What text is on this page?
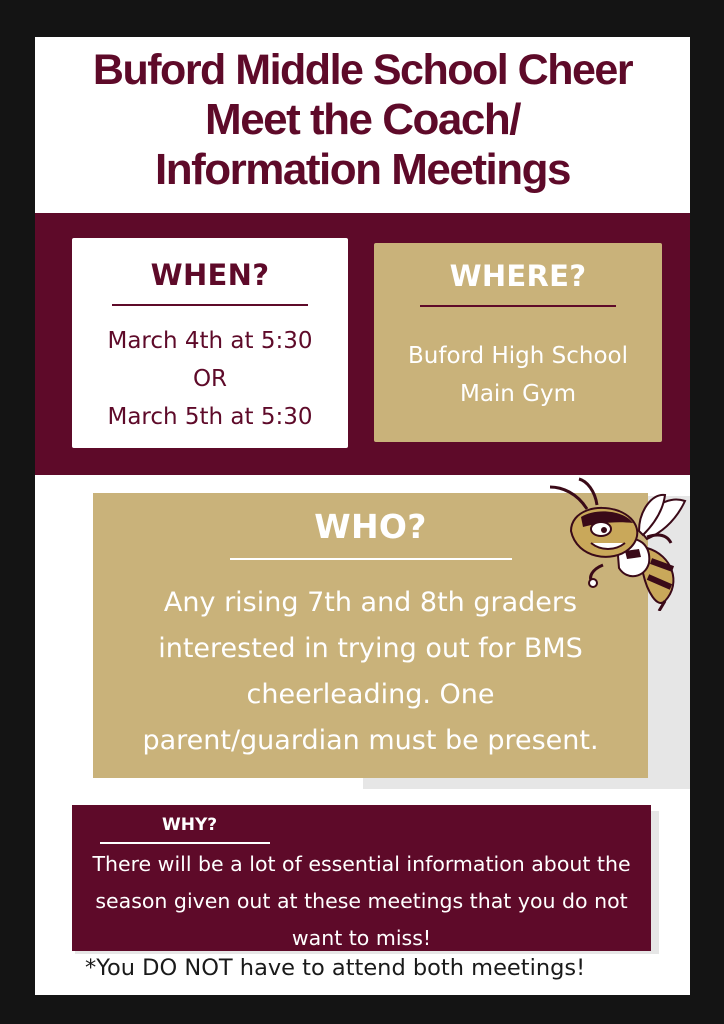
Buford Middle School Cheer
Meet the Coach/
Information Meetings
WHEN?
March 4th at 5:30
OR
March 5th at 5:30
WHERE?
Buford High School
Main Gym
WHO?
Any rising 7th and 8th graders
interested in trying out for BMS
cheerleading. One
parent/guardian must be present.
WHY?
There will be a lot of essential information about the
season given out at these meetings that you do not
want to miss!
*You DO NOT have to attend both meetings!
